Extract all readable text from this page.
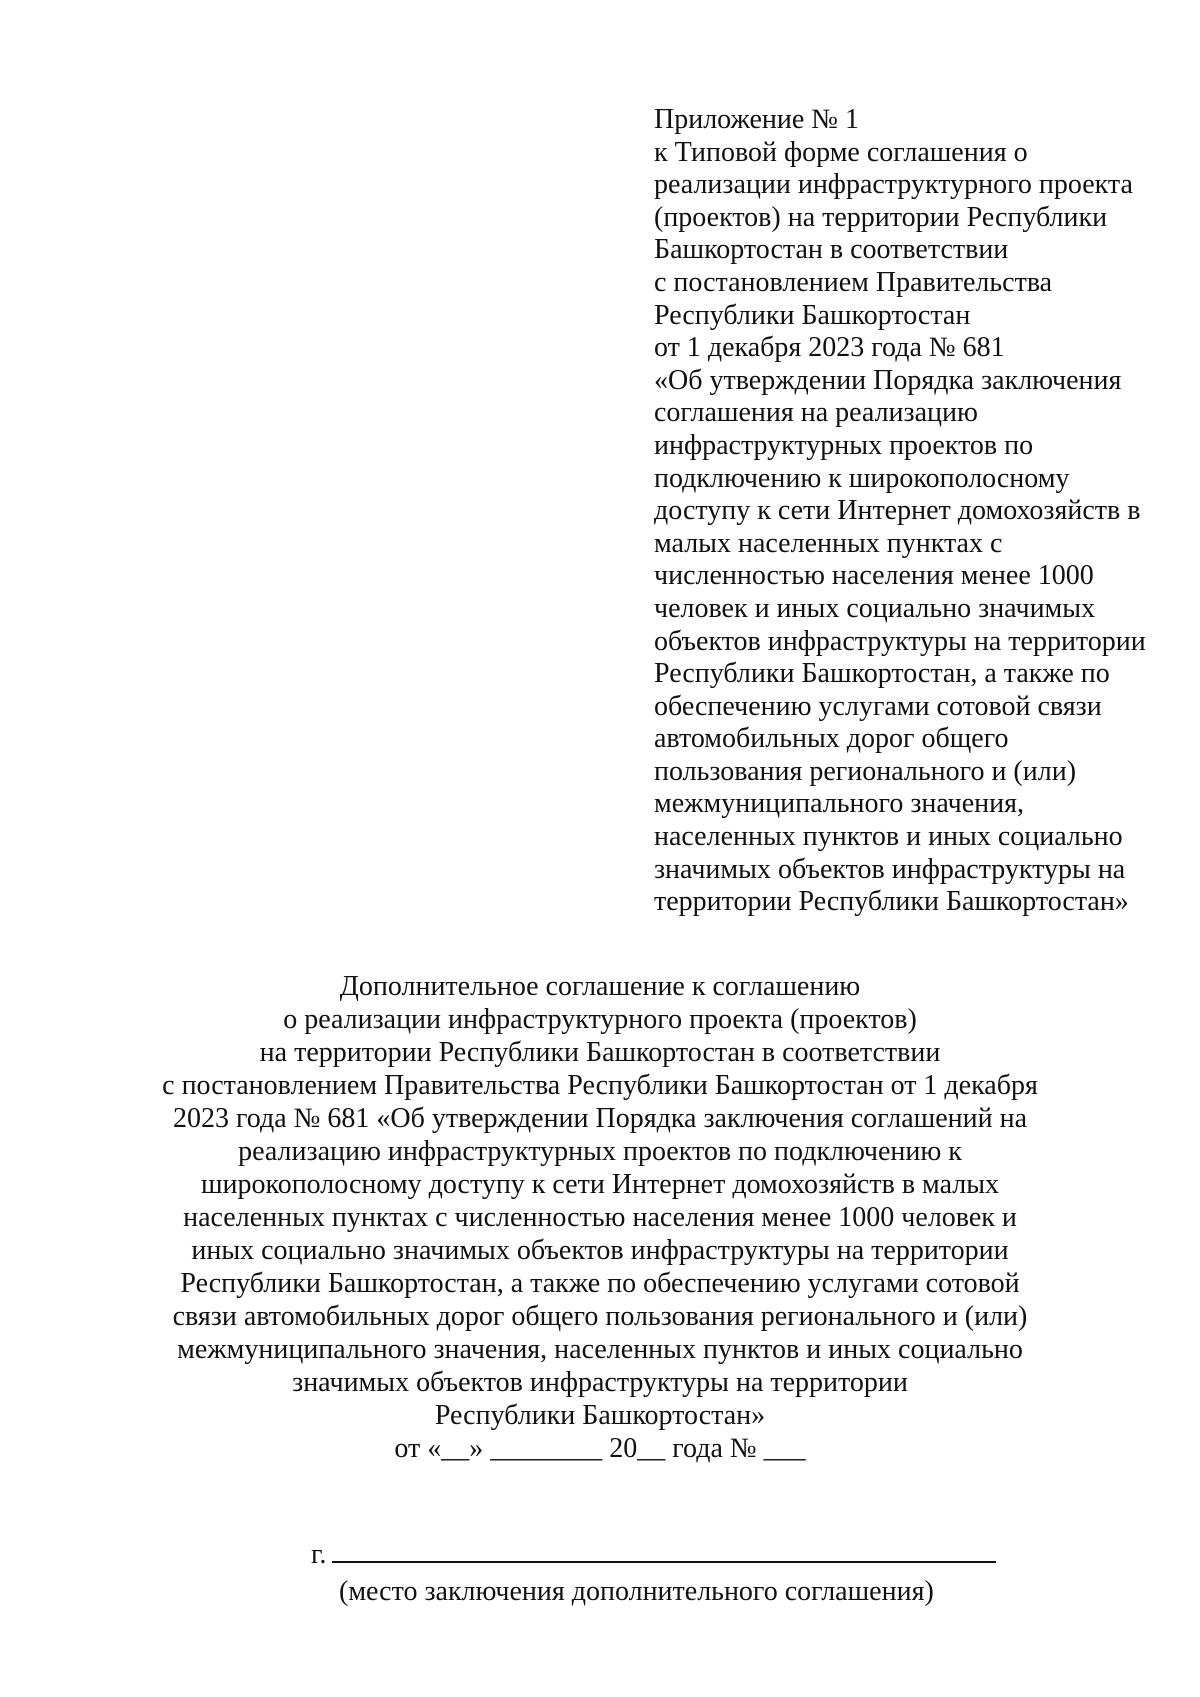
Приложение № 1
к Типовой форме соглашения о
реализации инфраструктурного проекта
(проектов) на территории Республики
Башкортостан в соответствии
с постановлением Правительства
Республики Башкортостан
от 1 декабря 2023 года № 681
«Об утверждении Порядка заключения
соглашения на реализацию
инфраструктурных проектов по
подключению к широкополосному
доступу к сети Интернет домохозяйств в
малых населенных пунктах с
численностью населения менее 1000
человек и иных социально значимых
объектов инфраструктуры на территории
Республики Башкортостан, а также по
обеспечению услугами сотовой связи
автомобильных дорог общего
пользования регионального и (или)
межмуниципального значения,
населенных пунктов и иных социально
значимых объектов инфраструктуры на
территории Республики Башкортостан»
Дополнительное соглашение к соглашению
о реализации инфраструктурного проекта (проектов)
на территории Республики Башкортостан в соответствии
с постановлением Правительства Республики Башкортостан от 1 декабря
2023 года № 681 «Об утверждении Порядка заключения соглашений на
реализацию инфраструктурных проектов по подключению к
широкополосному доступу к сети Интернет домохозяйств в малых
населенных пунктах с численностью населения менее 1000 человек и
иных социально значимых объектов инфраструктуры на территории
Республики Башкортостан, а также по обеспечению услугами сотовой
связи автомобильных дорог общего пользования регионального и (или)
межмуниципального значения, населенных пунктов и иных социально
значимых объектов инфраструктуры на территории
Республики Башкортостан»
от «__» ________ 20__ года № ___
г.
(место заключения дополнительного соглашения)
